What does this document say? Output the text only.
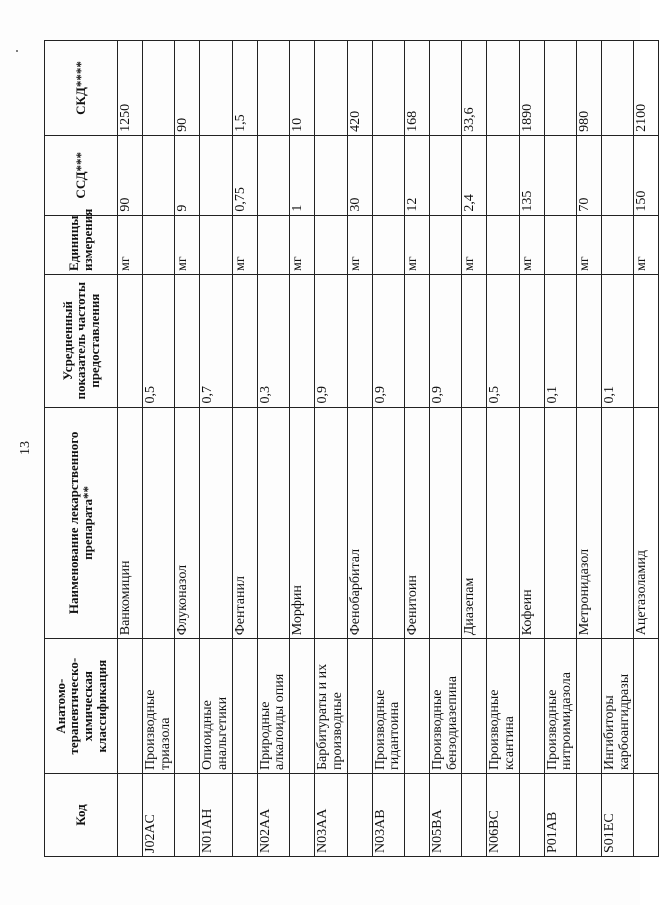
13
Код	Анатомо-терапевтическо-химическая классификация	Наименование лекарственного препарата**	Усредненный показатель частоты предоставления	Единицы измерения	ССД***	СКД****
		Ванкомицин		мг	90	1250
J02AC	Производные триазола		0,5			
		Флуконазол		мг	9	90
N01AH	Опиоидные анальгетики		0,7			
		Фентанил		мг	0,75	1,5
N02AA	Природные алкалоиды опия		0,3			
		Морфин		мг	1	10
N03AA	Барбитураты и их производные		0,9			
		Фенобарбитал		мг	30	420
N03AB	Производные гидантоина		0,9			
		Фенитоин		мг	12	168
N05BA	Производные бензодиазепина		0,9			
		Диазепам		мг	2,4	33,6
N06BC	Производные ксантина		0,5			
		Кофеин		мг	135	1890
P01AB	Производные нитроимидазола		0,1			
		Метронидазол		мг	70	980
S01EC	Ингибиторы карбоангидразы		0,1			
		Ацетазоламид		мг	150	2100
